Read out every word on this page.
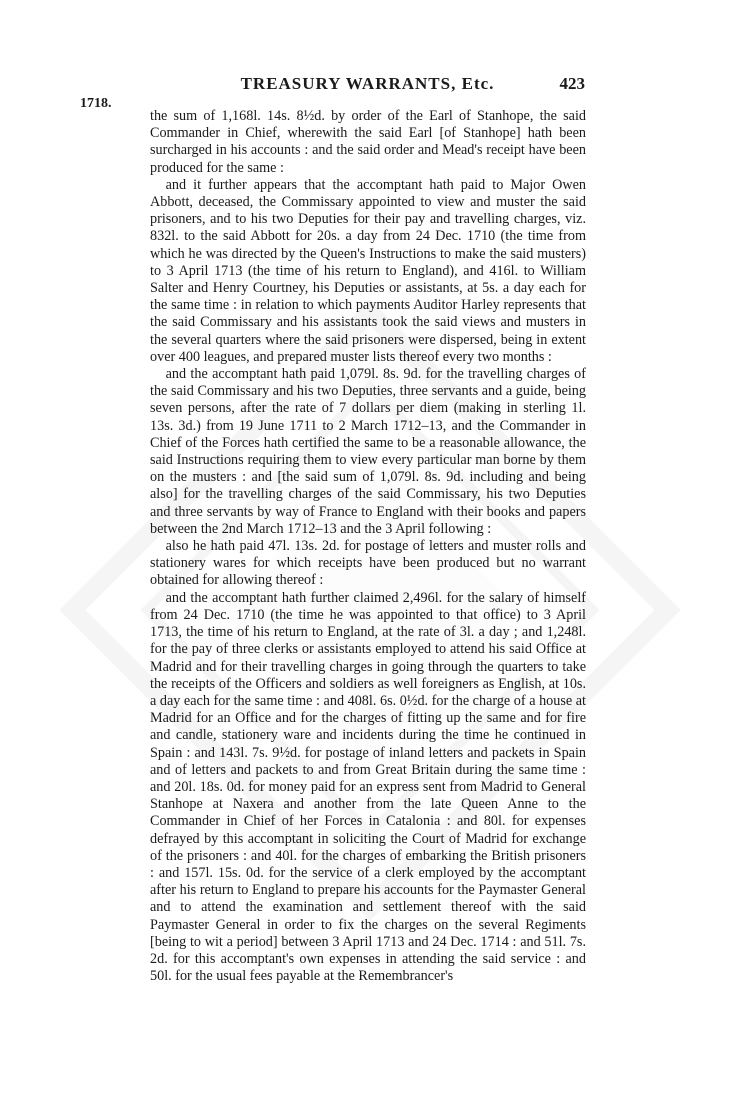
TREASURY WARRANTS, Etc.	423
1718.

the sum of 1,168l. 14s. 8½d. by order of the Earl of Stanhope, the said Commander in Chief, wherewith the said Earl [of Stanhope] hath been surcharged in his accounts : and the said order and Mead's receipt have been produced for the same :

and it further appears that the accomptant hath paid to Major Owen Abbott, deceased, the Commissary appointed to view and muster the said prisoners, and to his two Deputies for their pay and travelling charges, viz. 832l. to the said Abbott for 20s. a day from 24 Dec. 1710 (the time from which he was directed by the Queen's Instructions to make the said musters) to 3 April 1713 (the time of his return to England), and 416l. to William Salter and Henry Courtney, his Deputies or assistants, at 5s. a day each for the same time : in relation to which payments Auditor Harley represents that the said Commissary and his assistants took the said views and musters in the several quarters where the said prisoners were dispersed, being in extent over 400 leagues, and prepared muster lists thereof every two months :

and the accomptant hath paid 1,079l. 8s. 9d. for the travelling charges of the said Commissary and his two Deputies, three servants and a guide, being seven persons, after the rate of 7 dollars per diem (making in sterling 1l. 13s. 3d.) from 19 June 1711 to 2 March 1712–13, and the Commander in Chief of the Forces hath certified the same to be a reasonable allowance, the said Instructions requiring them to view every particular man borne by them on the musters : and [the said sum of 1,079l. 8s. 9d. including and being also] for the travelling charges of the said Commissary, his two Deputies and three servants by way of France to England with their books and papers between the 2nd March 1712–13 and the 3 April following :

also he hath paid 47l. 13s. 2d. for postage of letters and muster rolls and stationery wares for which receipts have been produced but no warrant obtained for allowing thereof :

and the accomptant hath further claimed 2,496l. for the salary of himself from 24 Dec. 1710 (the time he was appointed to that office) to 3 April 1713, the time of his return to England, at the rate of 3l. a day ; and 1,248l. for the pay of three clerks or assistants employed to attend his said Office at Madrid and for their travelling charges in going through the quarters to take the receipts of the Officers and soldiers as well foreigners as English, at 10s. a day each for the same time : and 408l. 6s. 0½d. for the charge of a house at Madrid for an Office and for the charges of fitting up the same and for fire and candle, stationery ware and incidents during the time he continued in Spain : and 143l. 7s. 9½d. for postage of inland letters and packets in Spain and of letters and packets to and from Great Britain during the same time : and 20l. 18s. 0d. for money paid for an express sent from Madrid to General Stanhope at Naxera and another from the late Queen Anne to the Commander in Chief of her Forces in Catalonia : and 80l. for expenses defrayed by this accomptant in soliciting the Court of Madrid for exchange of the prisoners : and 40l. for the charges of embarking the British prisoners : and 157l. 15s. 0d. for the service of a clerk employed by the accomptant after his return to England to prepare his accounts for the Paymaster General and to attend the examination and settlement thereof with the said Paymaster General in order to fix the charges on the several Regiments [being to wit a period] between 3 April 1713 and 24 Dec. 1714 : and 51l. 7s. 2d. for this accomptant's own expenses in attending the said service : and 50l. for the usual fees payable at the Remembrancer's
